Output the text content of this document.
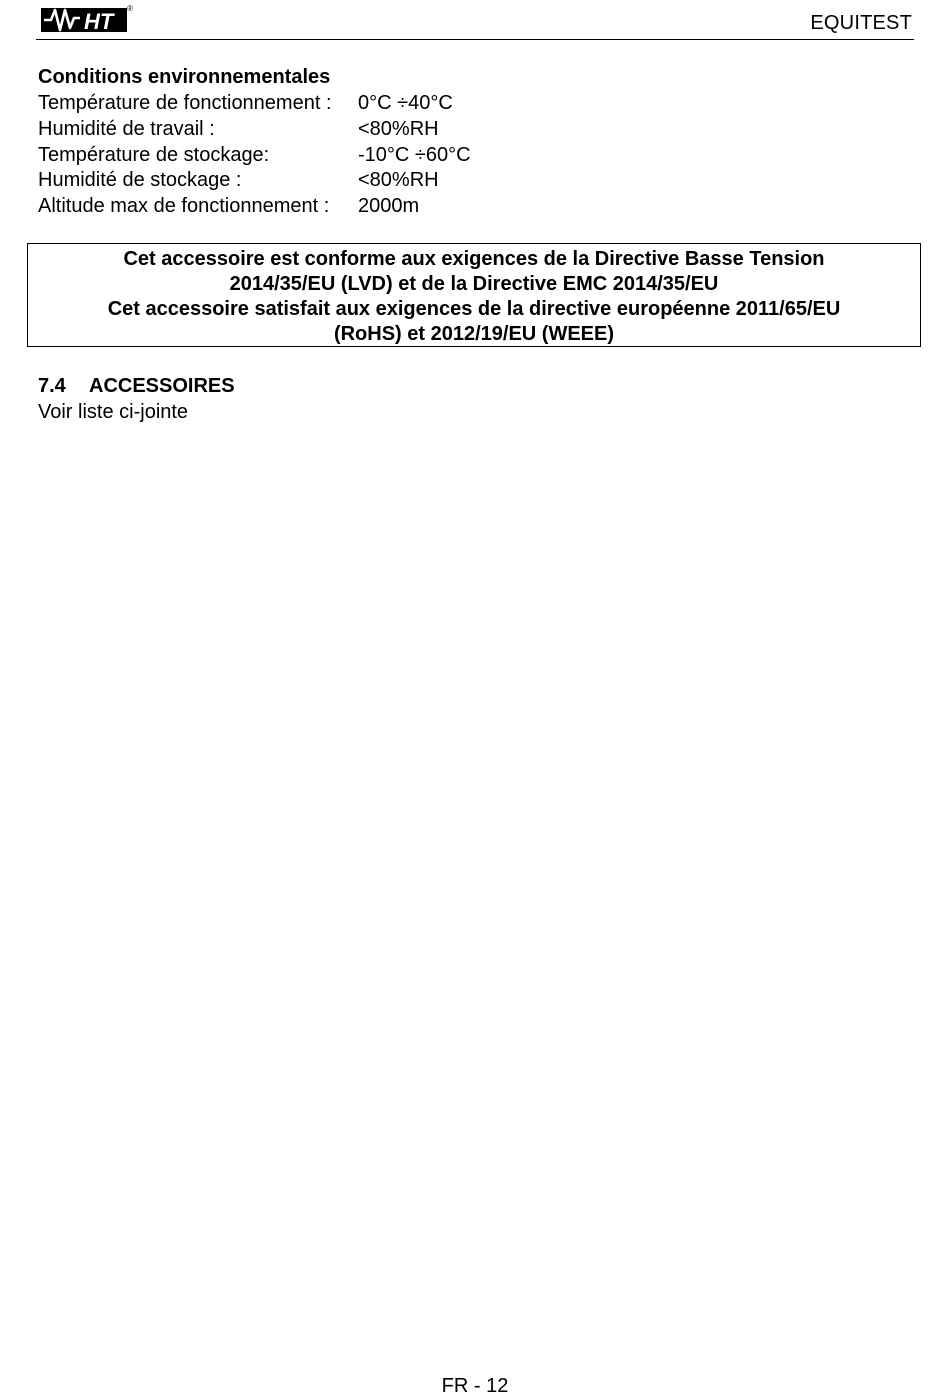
HT
®
EQUITEST
Conditions environnementales
Température de fonctionnement : 0°C ÷40°C
Humidité de travail :	<80%RH
Température de stockage:	-10°C ÷60°C
Humidité de stockage :	<80%RH
Altitude max de fonctionnement : 2000m
Cet accessoire est conforme aux exigences de la Directive Basse Tension
2014/35/EU (LVD) et de la Directive EMC 2014/35/EU
Cet accessoire satisfait aux exigences de la directive européenne 2011/65/EU
(RoHS) et 2012/19/EU (WEEE)
7.4 ACCESSOIRES
Voir liste ci-jointe
FR - 12
